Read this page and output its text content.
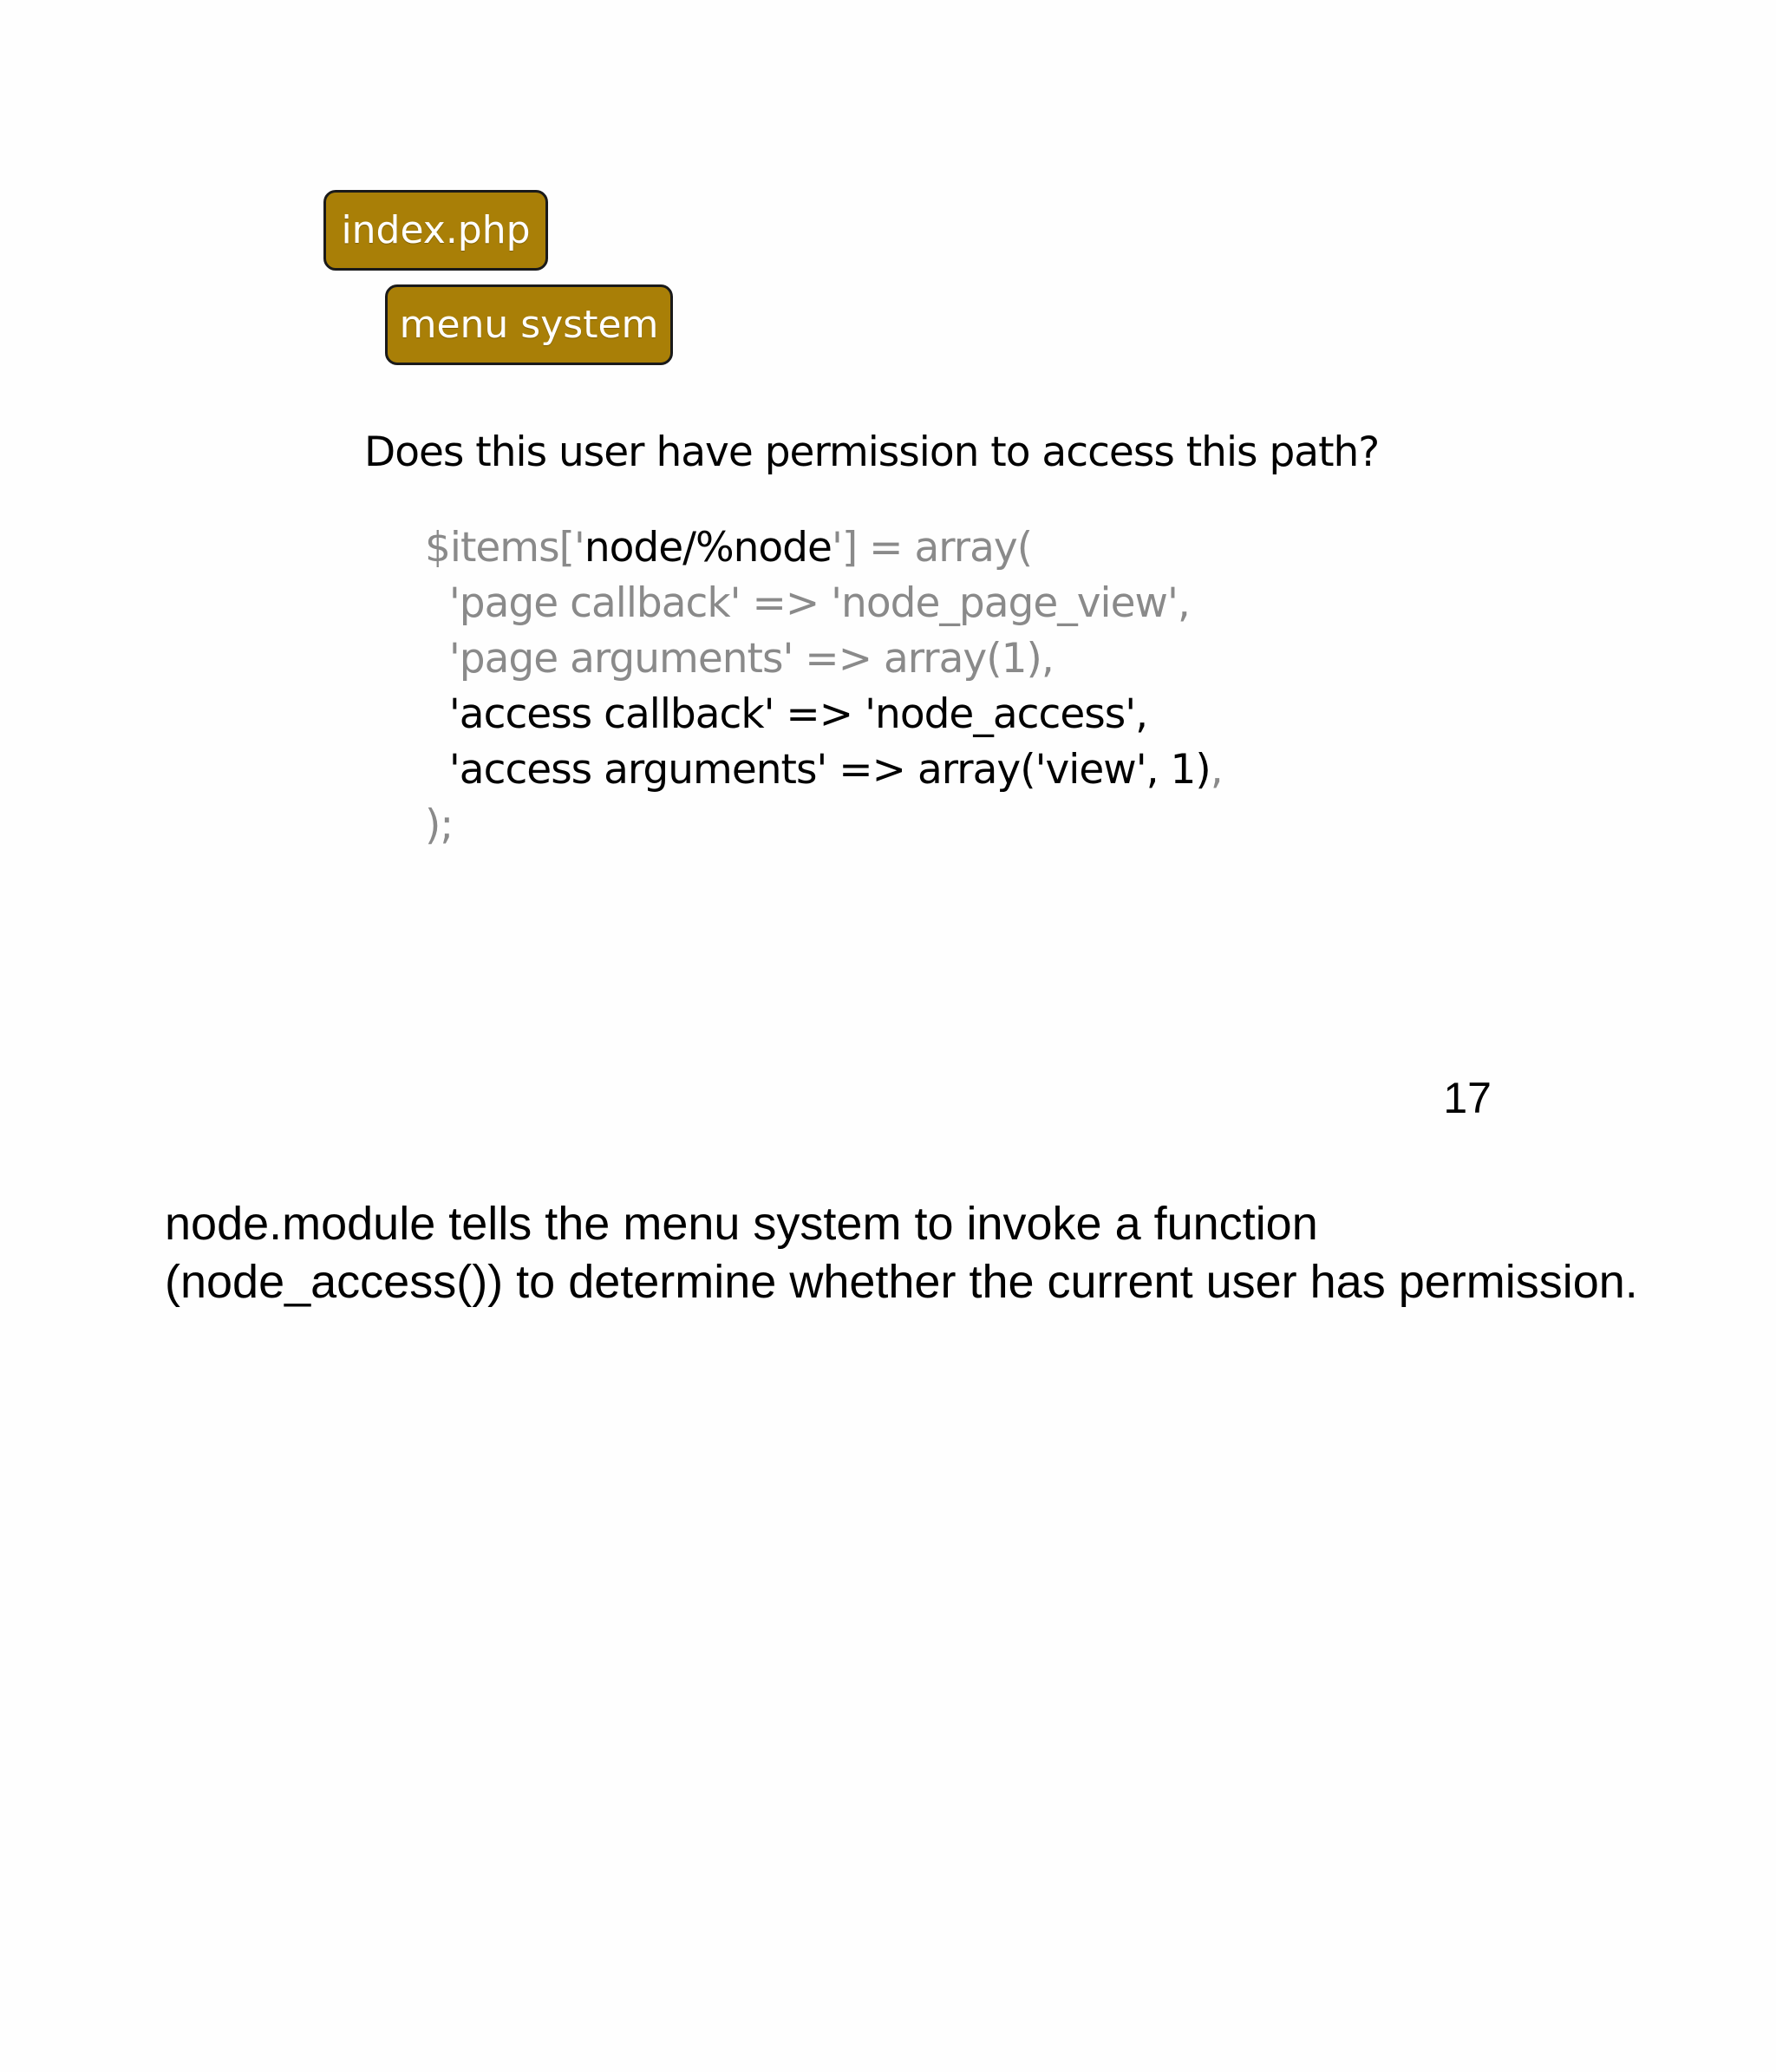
index.php
menu system
Does this user have permission to access this path?
$items['node/%node'] = array(
'page callback' => 'node_page_view',
'page arguments' => array(1),
'access callback' => 'node_access',
'access arguments' => array('view', 1),
);
17
node.module tells the menu system to invoke a function (node_access()) to determine whether the current user has permission.
